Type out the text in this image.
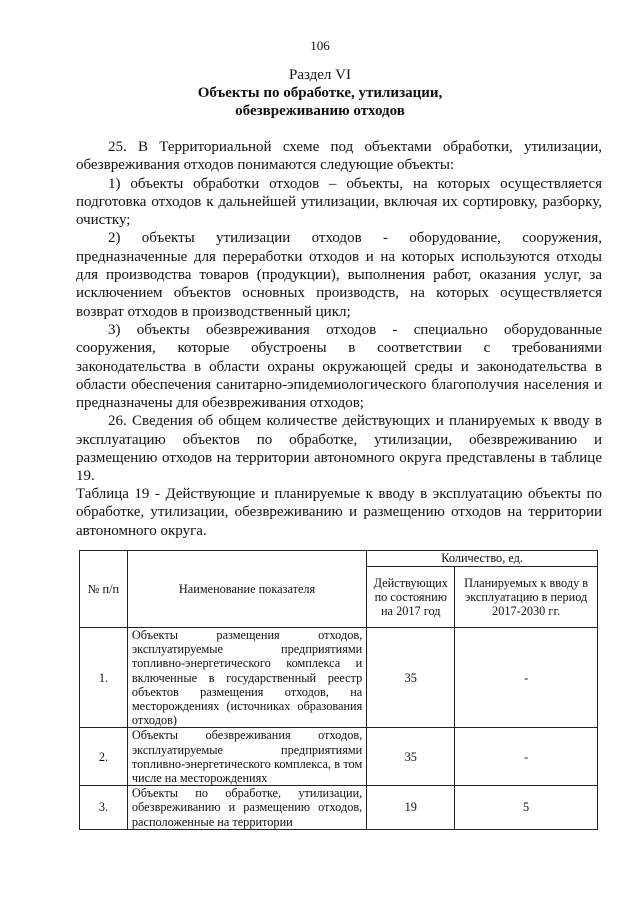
106
Раздел VI
Объекты по обработке, утилизации,
обезвреживанию отходов

25. В Территориальной схеме под объектами обработки, утилизации, обезвреживания отходов понимаются следующие объекты:

1) объекты обработки отходов – объекты, на которых осуществляется подготовка отходов к дальнейшей утилизации, включая их сортировку, разборку, очистку;

2) объекты утилизации отходов - оборудование, сооружения, предназначенные для переработки отходов и на которых используются отходы для производства товаров (продукции), выполнения работ, оказания услуг, за исключением объектов основных производств, на которых осуществляется возврат отходов в производственный цикл;

3) объекты обезвреживания отходов - специально оборудованные сооружения, которые обустроены в соответствии с требованиями законодательства в области охраны окружающей среды и законодательства в области обеспечения санитарно-эпидемиологического благополучия населения и предназначены для обезвреживания отходов;

26. Сведения об общем количестве действующих и планируемых к вводу в эксплуатацию объектов по обработке, утилизации, обезвреживанию и размещению отходов на территории автономного округа представлены в таблице 19.

Таблица 19 - Действующие и планируемые к вводу в эксплуатацию объекты по обработке, утилизации, обезвреживанию и размещению отходов на территории автономного округа.
№ п/п	Наименование показателя	Количество, ед.	
		Действующих по состоянию на 2017 год	Планируемых к вводу в эксплуатацию в период 2017-2030 гг.
1.	Объекты размещения отходов, эксплуатируемые предприятиями топливно-энергетического комплекса и включенные в государственный реестр объектов размещения отходов, на месторождениях (источниках образования отходов)	35	-
2.	Объекты обезвреживания отходов, эксплуатируемые предприятиями топливно-энергетического комплекса, в том числе на месторождениях	35	-
3.	Объекты по обработке, утилизации, обезвреживанию и размещению отходов, расположенные на территории	19	5
